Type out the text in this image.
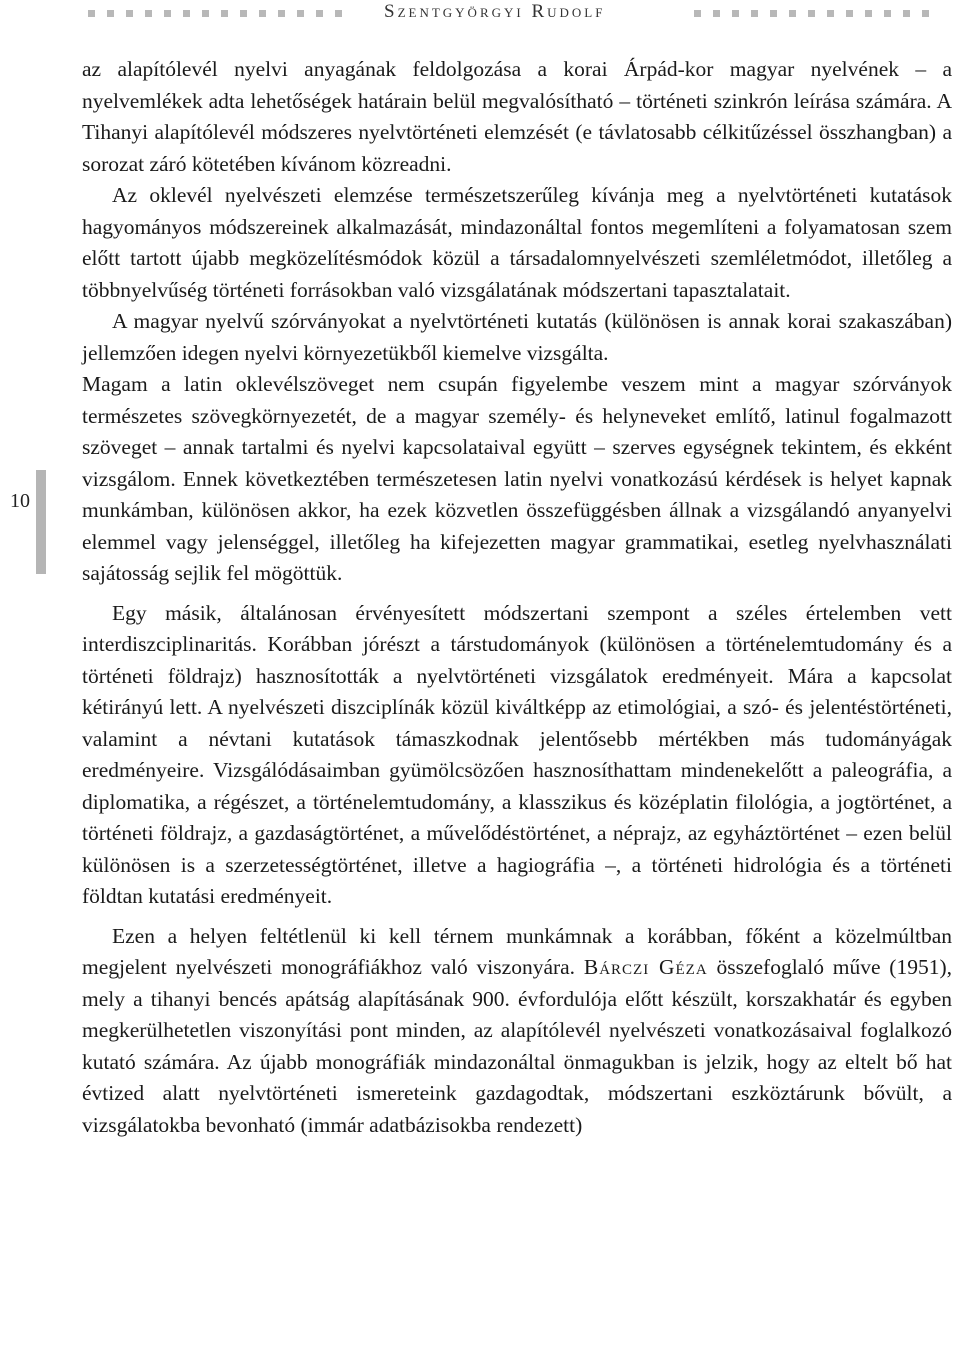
Szentgyörgyi Rudolf
10

az alapítólevél nyelvi anyagának feldolgozása a korai Árpád-kor magyar nyelvének – a nyelvemlékek adta lehetőségek határain belül megvalósítható – történeti szinkrón leírása számára. A Tihanyi alapítólevél módszeres nyelvtörténeti elemzését (e távlatosabb célkitűzéssel összhangban) a sorozat záró kötetében kívánom közreadni.

Az oklevél nyelvészeti elemzése természetszerűleg kívánja meg a nyelvtörténeti kutatások hagyományos módszereinek alkalmazását, mindazonáltal fontos megemlíteni a folyamatosan szem előtt tartott újabb megközelítésmódok közül a társadalomnyelvészeti szemléletmódot, illetőleg a többnyelvűség történeti forrásokban való vizsgálatának módszertani tapasztalatait.

A magyar nyelvű szórványokat a nyelvtörténeti kutatás (különösen is annak korai szakaszában) jellemzően idegen nyelvi környezetükből kiemelve vizsgálta.

Magam a latin oklevélszöveget nem csupán figyelembe veszem mint a magyar szórványok természetes szövegkörnyezetét, de a magyar személy- és helyneveket említő, latinul fogalmazott szöveget – annak tartalmi és nyelvi kapcsolataival együtt – szerves egységnek tekintem, és ekként vizsgálom. Ennek következtében természetesen latin nyelvi vonatkozású kérdések is helyet kapnak munkámban, különösen akkor, ha ezek közvetlen összefüggésben állnak a vizsgálandó anyanyelvi elemmel vagy jelenséggel, illetőleg ha kifejezetten magyar grammatikai, esetleg nyelvhasználati sajátosság sejlik fel mögöttük.

Egy másik, általánosan érvényesített módszertani szempont a széles értelemben vett interdiszciplinaritás. Korábban jórészt a társtudományok (különösen a történelemtudomány és a történeti földrajz) hasznosították a nyelvtörténeti vizsgálatok eredményeit. Mára a kapcsolat kétirányú lett. A nyelvészeti diszciplínák közül kiváltképp az etimológiai, a szó- és jelentéstörténeti, valamint a névtani kutatások támaszkodnak jelentősebb mértékben más tudományágak eredményeire. Vizsgálódásaimban gyümölcsözően hasznosíthattam mindenekelőtt a paleográfia, a diplomatika, a régészet, a történelemtudomány, a klasszikus és középlatin filológia, a jogtörténet, a történeti földrajz, a gazdaságtörténet, a művelődéstörténet, a néprajz, az egyháztörténet – ezen belül különösen is a szerzetességtörténet, illetve a hagiográfia –, a történeti hidrológia és a történeti földtan kutatási eredményeit.

Ezen a helyen feltétlenül ki kell térnem munkámnak a korábban, főként a közelmúltban megjelent nyelvészeti monográfiákhoz való viszonyára. Bárczi Géza összefoglaló műve (1951), mely a tihanyi bencés apátság alapításának 900. évfordulója előtt készült, korszakhatár és egyben megkerülhetetlen viszonyítási pont minden, az alapítólevél nyelvészeti vonatkozásaival foglalkozó kutató számára. Az újabb monográfiák mindazonáltal önmagukban is jelzik, hogy az eltelt bő hat évtized alatt nyelvtörténeti ismereteink gazdagodtak, módszertani eszköztárunk bővült, a vizsgálatokba bevonható (immár adatbázisokba rendezett)
